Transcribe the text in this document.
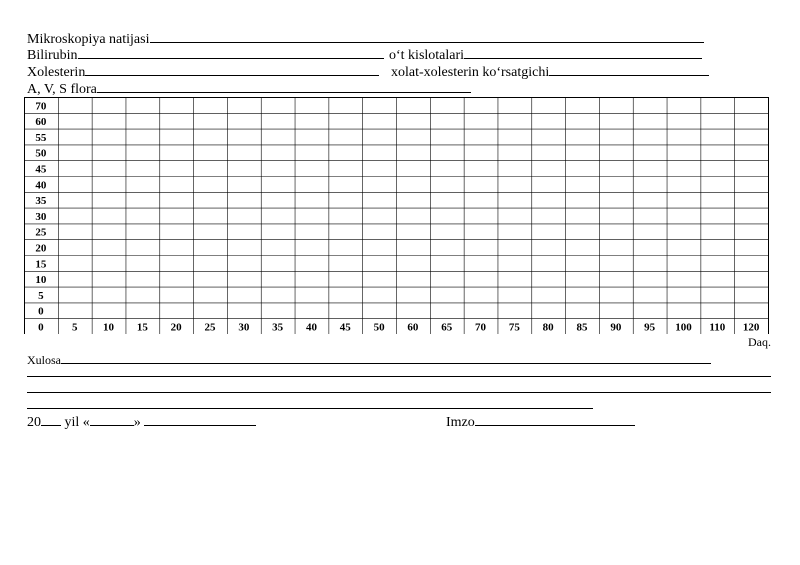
Mikroskopiya natijasi
Bilirubin	o‘t kislotalari
Xolesterin	xolat-xolesterin ko‘rsatgichi
A, V, S flora
70
60
55
50
45
40
35
30
25
20
15
10
5
0
0	5 10 15 20 25 30 35 40 45 50 60 65 70 75 80 85 90 95 100 110 120
Daq.
Xulosa
20 yil «	»	Imzo
